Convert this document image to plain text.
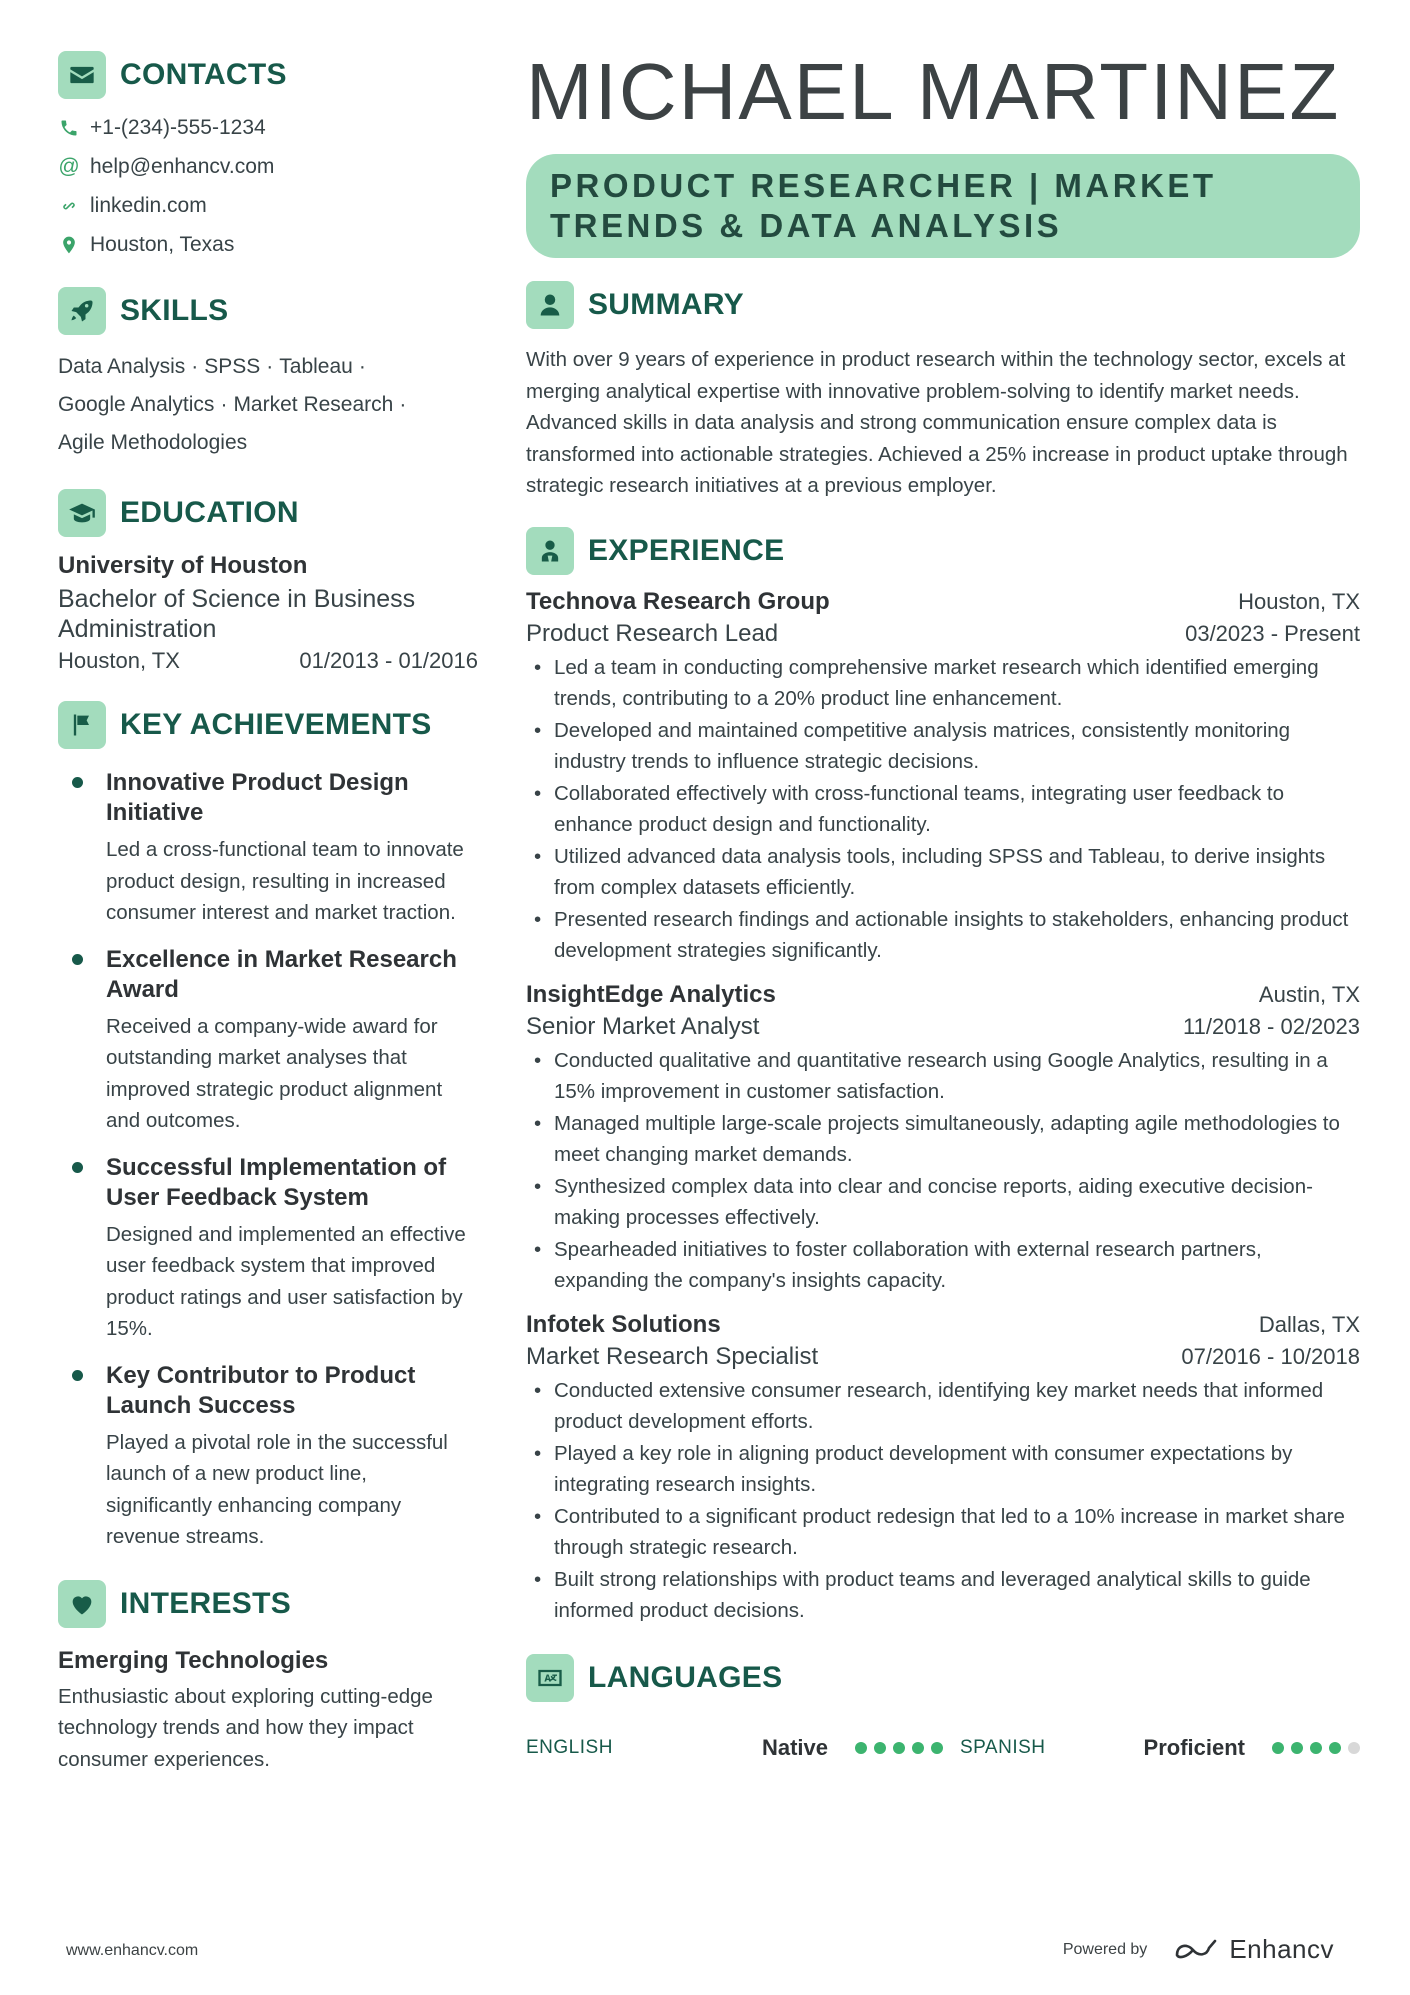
CONTACTS
+1-(234)-555-1234
@ help@enhancv.com
linkedin.com
Houston, Texas
SKILLS
Data Analysis · SPSS · Tableau ·
Google Analytics · Market Research ·
Agile Methodologies
EDUCATION
University of Houston
Bachelor of Science in Business Administration
Houston, TX	01/2013 - 01/2016
KEY ACHIEVEMENTS
Innovative Product Design Initiative
Led a cross-functional team to innovate product design, resulting in increased consumer interest and market traction.
Excellence in Market Research Award
Received a company-wide award for outstanding market analyses that improved strategic product alignment and outcomes.
Successful Implementation of User Feedback System
Designed and implemented an effective user feedback system that improved product ratings and user satisfaction by 15%.
Key Contributor to Product Launch Success
Played a pivotal role in the successful launch of a new product line, significantly enhancing company revenue streams.
INTERESTS
Emerging Technologies
Enthusiastic about exploring cutting-edge technology trends and how they impact consumer experiences.
MICHAEL MARTINEZ
PRODUCT RESEARCHER | MARKET
TRENDS & DATA ANALYSIS
SUMMARY
With over 9 years of experience in product research within the technology sector, excels at merging analytical expertise with innovative problem-solving to identify market needs. Advanced skills in data analysis and strong communication ensure complex data is transformed into actionable strategies. Achieved a 25% increase in product uptake through strategic research initiatives at a previous employer.
EXPERIENCE
Technova Research Group	Houston, TX
Product Research Lead	03/2023 - Present
• Led a team in conducting comprehensive market research which identified emerging trends, contributing to a 20% product line enhancement.
• Developed and maintained competitive analysis matrices, consistently monitoring industry trends to influence strategic decisions.
• Collaborated effectively with cross-functional teams, integrating user feedback to enhance product design and functionality.
• Utilized advanced data analysis tools, including SPSS and Tableau, to derive insights from complex datasets efficiently.
• Presented research findings and actionable insights to stakeholders, enhancing product development strategies significantly.
InsightEdge Analytics	Austin, TX
Senior Market Analyst	11/2018 - 02/2023
• Conducted qualitative and quantitative research using Google Analytics, resulting in a 15% improvement in customer satisfaction.
• Managed multiple large-scale projects simultaneously, adapting agile methodologies to meet changing market demands.
• Synthesized complex data into clear and concise reports, aiding executive decision-making processes effectively.
• Spearheaded initiatives to foster collaboration with external research partners, expanding the company's insights capacity.
Infotek Solutions	Dallas, TX
Market Research Specialist	07/2016 - 10/2018
• Conducted extensive consumer research, identifying key market needs that informed product development efforts.
• Played a key role in aligning product development with consumer expectations by integrating research insights.
• Contributed to a significant product redesign that led to a 10% increase in market share through strategic research.
• Built strong relationships with product teams and leveraged analytical skills to guide informed product decisions.
LANGUAGES
ENGLISH	Native	SPANISH	Proficient
www.enhancv.com	Powered by	Enhancv
